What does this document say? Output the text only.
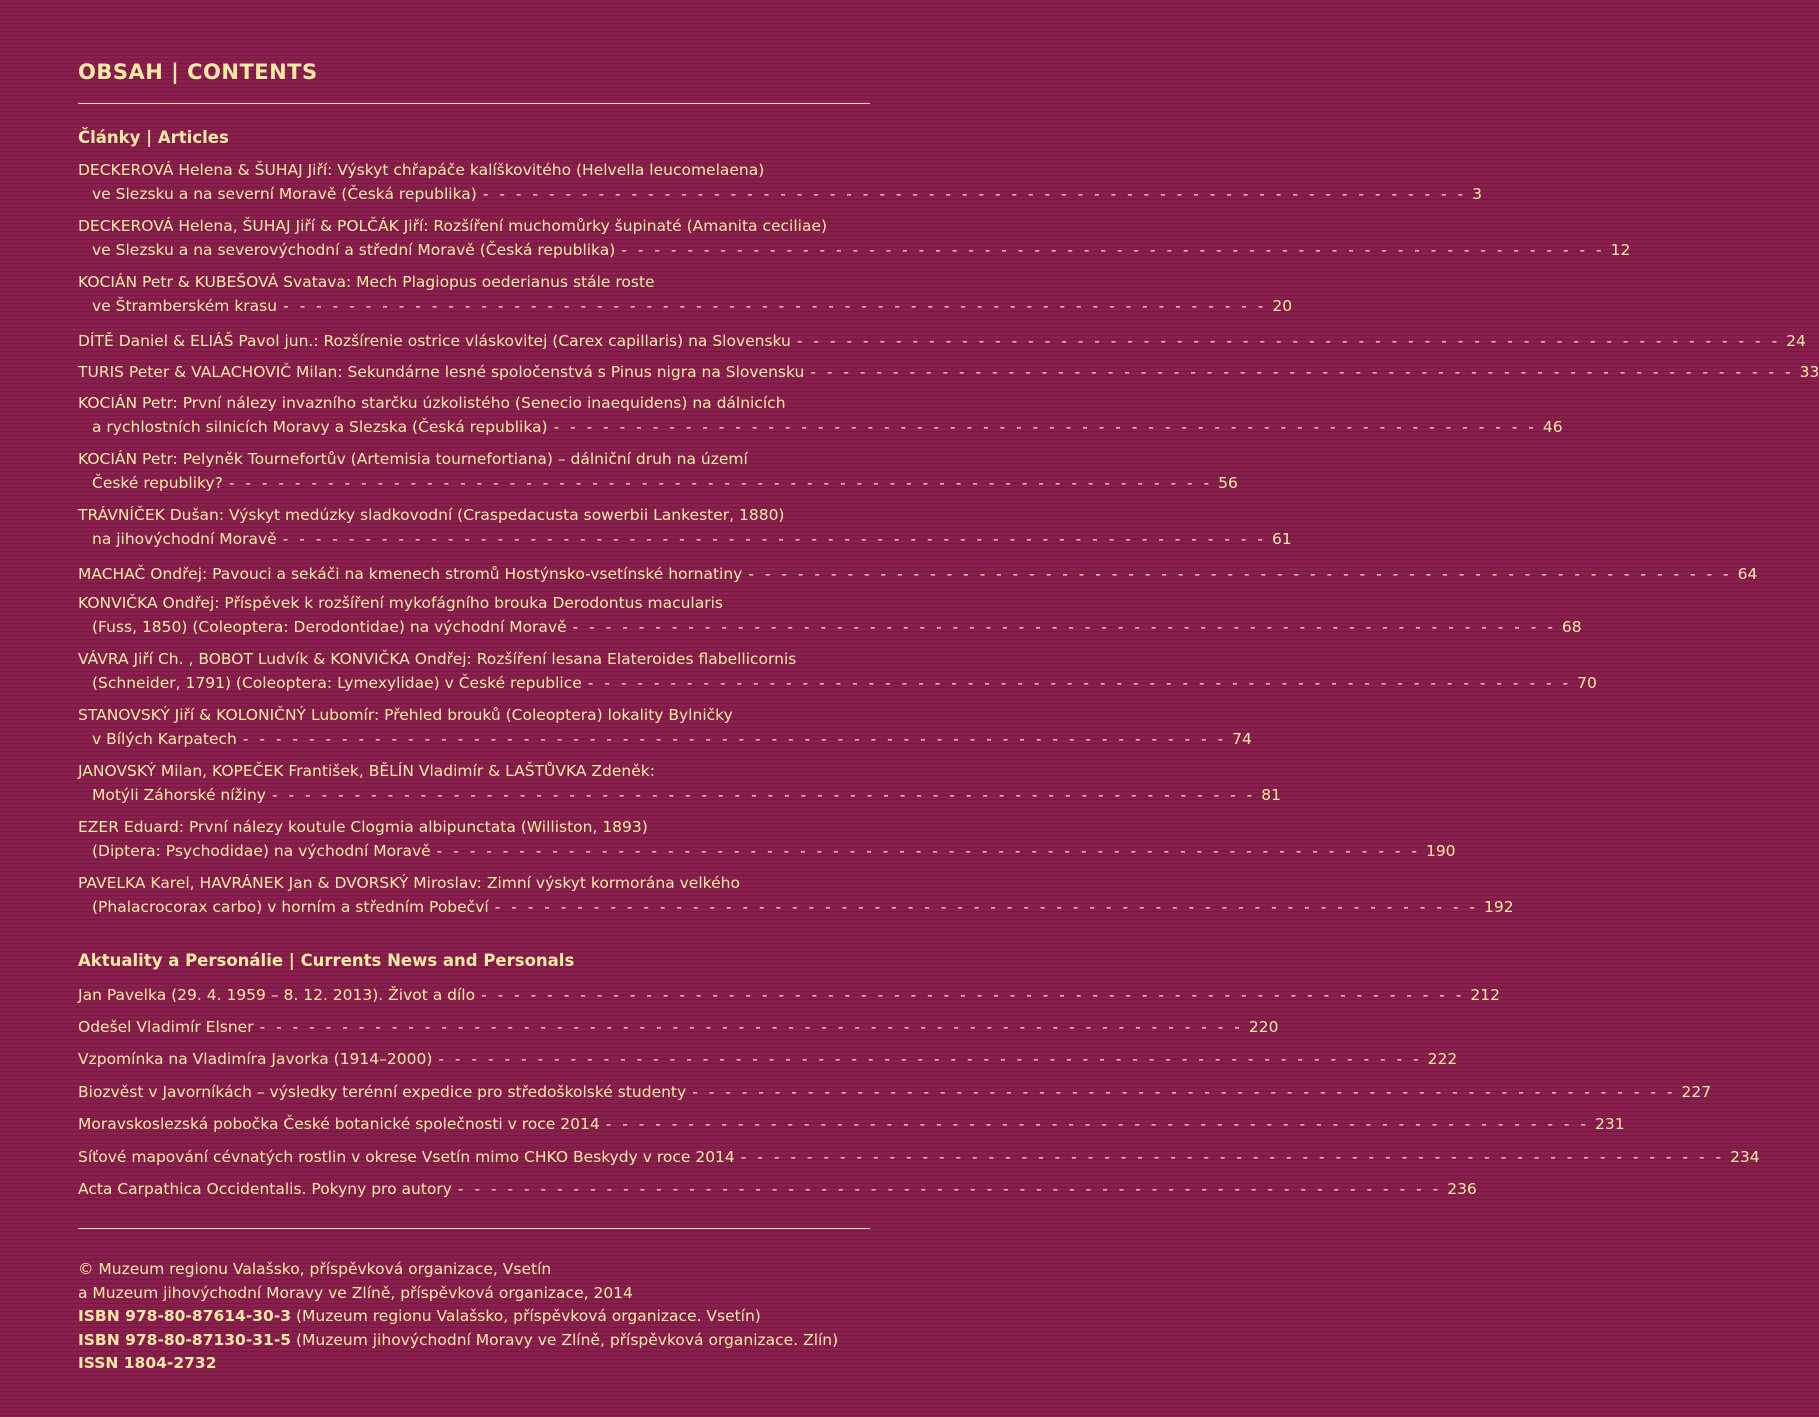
OBSAH | CONTENTS
Články | Articles
DECKEROVÁ Helena & ŠUHAJ Jiří: Výskyt chřapáče kalíškovitého (Helvella leucomelaena)
ve Slezsku a na severní Moravě (Česká republika) - - - - - - - - - - - - - - - - - - - - - - - - - - - - - - - - - - - - - - - - - - - - - - - - - - - - - - - - - - - - 3
DECKEROVÁ Helena, ŠUHAJ Jiří & POLČÁK Jiří: Rozšíření muchomůrky šupinaté (Amanita ceciliae)
ve Slezsku a na severovýchodní a střední Moravě (Česká republika) - - - - - - - - - - - - - - - - - - - - - - - - - - - - - - - - - - - - - - - - - - - - - - - - - - - - - - - - - - - - 12
KOCIÁN Petr & KUBEŠOVÁ Svatava: Mech Plagiopus oederianus stále roste
ve Štramberském krasu - - - - - - - - - - - - - - - - - - - - - - - - - - - - - - - - - - - - - - - - - - - - - - - - - - - - - - - - - - - - 20
DÍTĚ Daniel & ELIÁŠ Pavol jun.: Rozšírenie ostrice vláskovitej (Carex capillaris) na Slovensku - - - - - - - - - - - - - - - - - - - - - - - - - - - - - - - - - - - - - - - - - - - - - - - - - - - - - - - - - - - - 24
TURIS Peter & VALACHOVIČ Milan: Sekundárne lesné spoločenstvá s Pinus nigra na Slovensku - - - - - - - - - - - - - - - - - - - - - - - - - - - - - - - - - - - - - - - - - - - - - - - - - - - - - - - - - - - - 33
KOCIÁN Petr: První nálezy invazního starčku úzkolistého (Senecio inaequidens) na dálnicích
a rychlostních silnicích Moravy a Slezska (Česká republika) - - - - - - - - - - - - - - - - - - - - - - - - - - - - - - - - - - - - - - - - - - - - - - - - - - - - - - - - - - - - 46
KOCIÁN Petr: Pelyněk Tournefortův (Artemisia tournefortiana) – dálniční druh na území
České republiky? - - - - - - - - - - - - - - - - - - - - - - - - - - - - - - - - - - - - - - - - - - - - - - - - - - - - - - - - - - - - 56
TRÁVNÍČEK Dušan: Výskyt medúzky sladkovodní (Craspedacusta sowerbii Lankester, 1880)
na jihovýchodní Moravě - - - - - - - - - - - - - - - - - - - - - - - - - - - - - - - - - - - - - - - - - - - - - - - - - - - - - - - - - - - - 61
MACHAČ Ondřej: Pavouci a sekáči na kmenech stromů Hostýnsko-vsetínské hornatiny - - - - - - - - - - - - - - - - - - - - - - - - - - - - - - - - - - - - - - - - - - - - - - - - - - - - - - - - - - - - 64
KONVIČKA Ondřej: Příspěvek k rozšíření mykofágního brouka Derodontus macularis
(Fuss, 1850) (Coleoptera: Derodontidae) na východní Moravě - - - - - - - - - - - - - - - - - - - - - - - - - - - - - - - - - - - - - - - - - - - - - - - - - - - - - - - - - - - - 68
VÁVRA Jiří Ch. , BOBOT Ludvík & KONVIČKA Ondřej: Rozšíření lesana Elateroides flabellicornis
(Schneider, 1791) (Coleoptera: Lymexylidae) v České republice - - - - - - - - - - - - - - - - - - - - - - - - - - - - - - - - - - - - - - - - - - - - - - - - - - - - - - - - - - - - 70
STANOVSKÝ Jiří & KOLONIČNÝ Lubomír: Přehled brouků (Coleoptera) lokality Bylničky
v Bílých Karpatech - - - - - - - - - - - - - - - - - - - - - - - - - - - - - - - - - - - - - - - - - - - - - - - - - - - - - - - - - - - - 74
JANOVSKÝ Milan, KOPEČEK František, BĚLÍN Vladimír & LAŠTŮVKA Zdeněk:
Motýli Záhorské nížiny - - - - - - - - - - - - - - - - - - - - - - - - - - - - - - - - - - - - - - - - - - - - - - - - - - - - - - - - - - - - 81
EZER Eduard: První nálezy koutule Clogmia albipunctata (Williston, 1893)
(Diptera: Psychodidae) na východní Moravě - - - - - - - - - - - - - - - - - - - - - - - - - - - - - - - - - - - - - - - - - - - - - - - - - - - - - - - - - - - - 190
PAVELKA Karel, HAVRÁNEK Jan & DVORSKÝ Miroslav: Zimní výskyt kormorána velkého
(Phalacrocorax carbo) v horním a středním Pobečví - - - - - - - - - - - - - - - - - - - - - - - - - - - - - - - - - - - - - - - - - - - - - - - - - - - - - - - - - - - - 192
Aktuality a Personálie | Currents News and Personals
Jan Pavelka (29. 4. 1959 – 8. 12. 2013). Život a dílo - - - - - - - - - - - - - - - - - - - - - - - - - - - - - - - - - - - - - - - - - - - - - - - - - - - - - - - - - - - - 212
Odešel Vladimír Elsner - - - - - - - - - - - - - - - - - - - - - - - - - - - - - - - - - - - - - - - - - - - - - - - - - - - - - - - - - - - - 220
Vzpomínka na Vladimíra Javorka (1914–2000) - - - - - - - - - - - - - - - - - - - - - - - - - - - - - - - - - - - - - - - - - - - - - - - - - - - - - - - - - - - - 222
Biozvěst v Javorníkách – výsledky terénní expedice pro středoškolské studenty - - - - - - - - - - - - - - - - - - - - - - - - - - - - - - - - - - - - - - - - - - - - - - - - - - - - - - - - - - - - 227
Moravskoslezská pobočka České botanické společnosti v roce 2014 - - - - - - - - - - - - - - - - - - - - - - - - - - - - - - - - - - - - - - - - - - - - - - - - - - - - - - - - - - - - 231
Síťové mapování cévnatých rostlin v okrese Vsetín mimo CHKO Beskydy v roce 2014 - - - - - - - - - - - - - - - - - - - - - - - - - - - - - - - - - - - - - - - - - - - - - - - - - - - - - - - - - - - - 234
Acta Carpathica Occidentalis. Pokyny pro autory - - - - - - - - - - - - - - - - - - - - - - - - - - - - - - - - - - - - - - - - - - - - - - - - - - - - - - - - - - - - 236
© Muzeum regionu Valašsko, příspěvková organizace, Vsetín
a Muzeum jihovýchodní Moravy ve Zlíně, příspěvková organizace, 2014
ISBN 978-80-87614-30-3 (Muzeum regionu Valašsko, příspěvková organizace. Vsetín)
ISBN 978-80-87130-31-5 (Muzeum jihovýchodní Moravy ve Zlíně, příspěvková organizace. Zlín)
ISSN 1804-2732
